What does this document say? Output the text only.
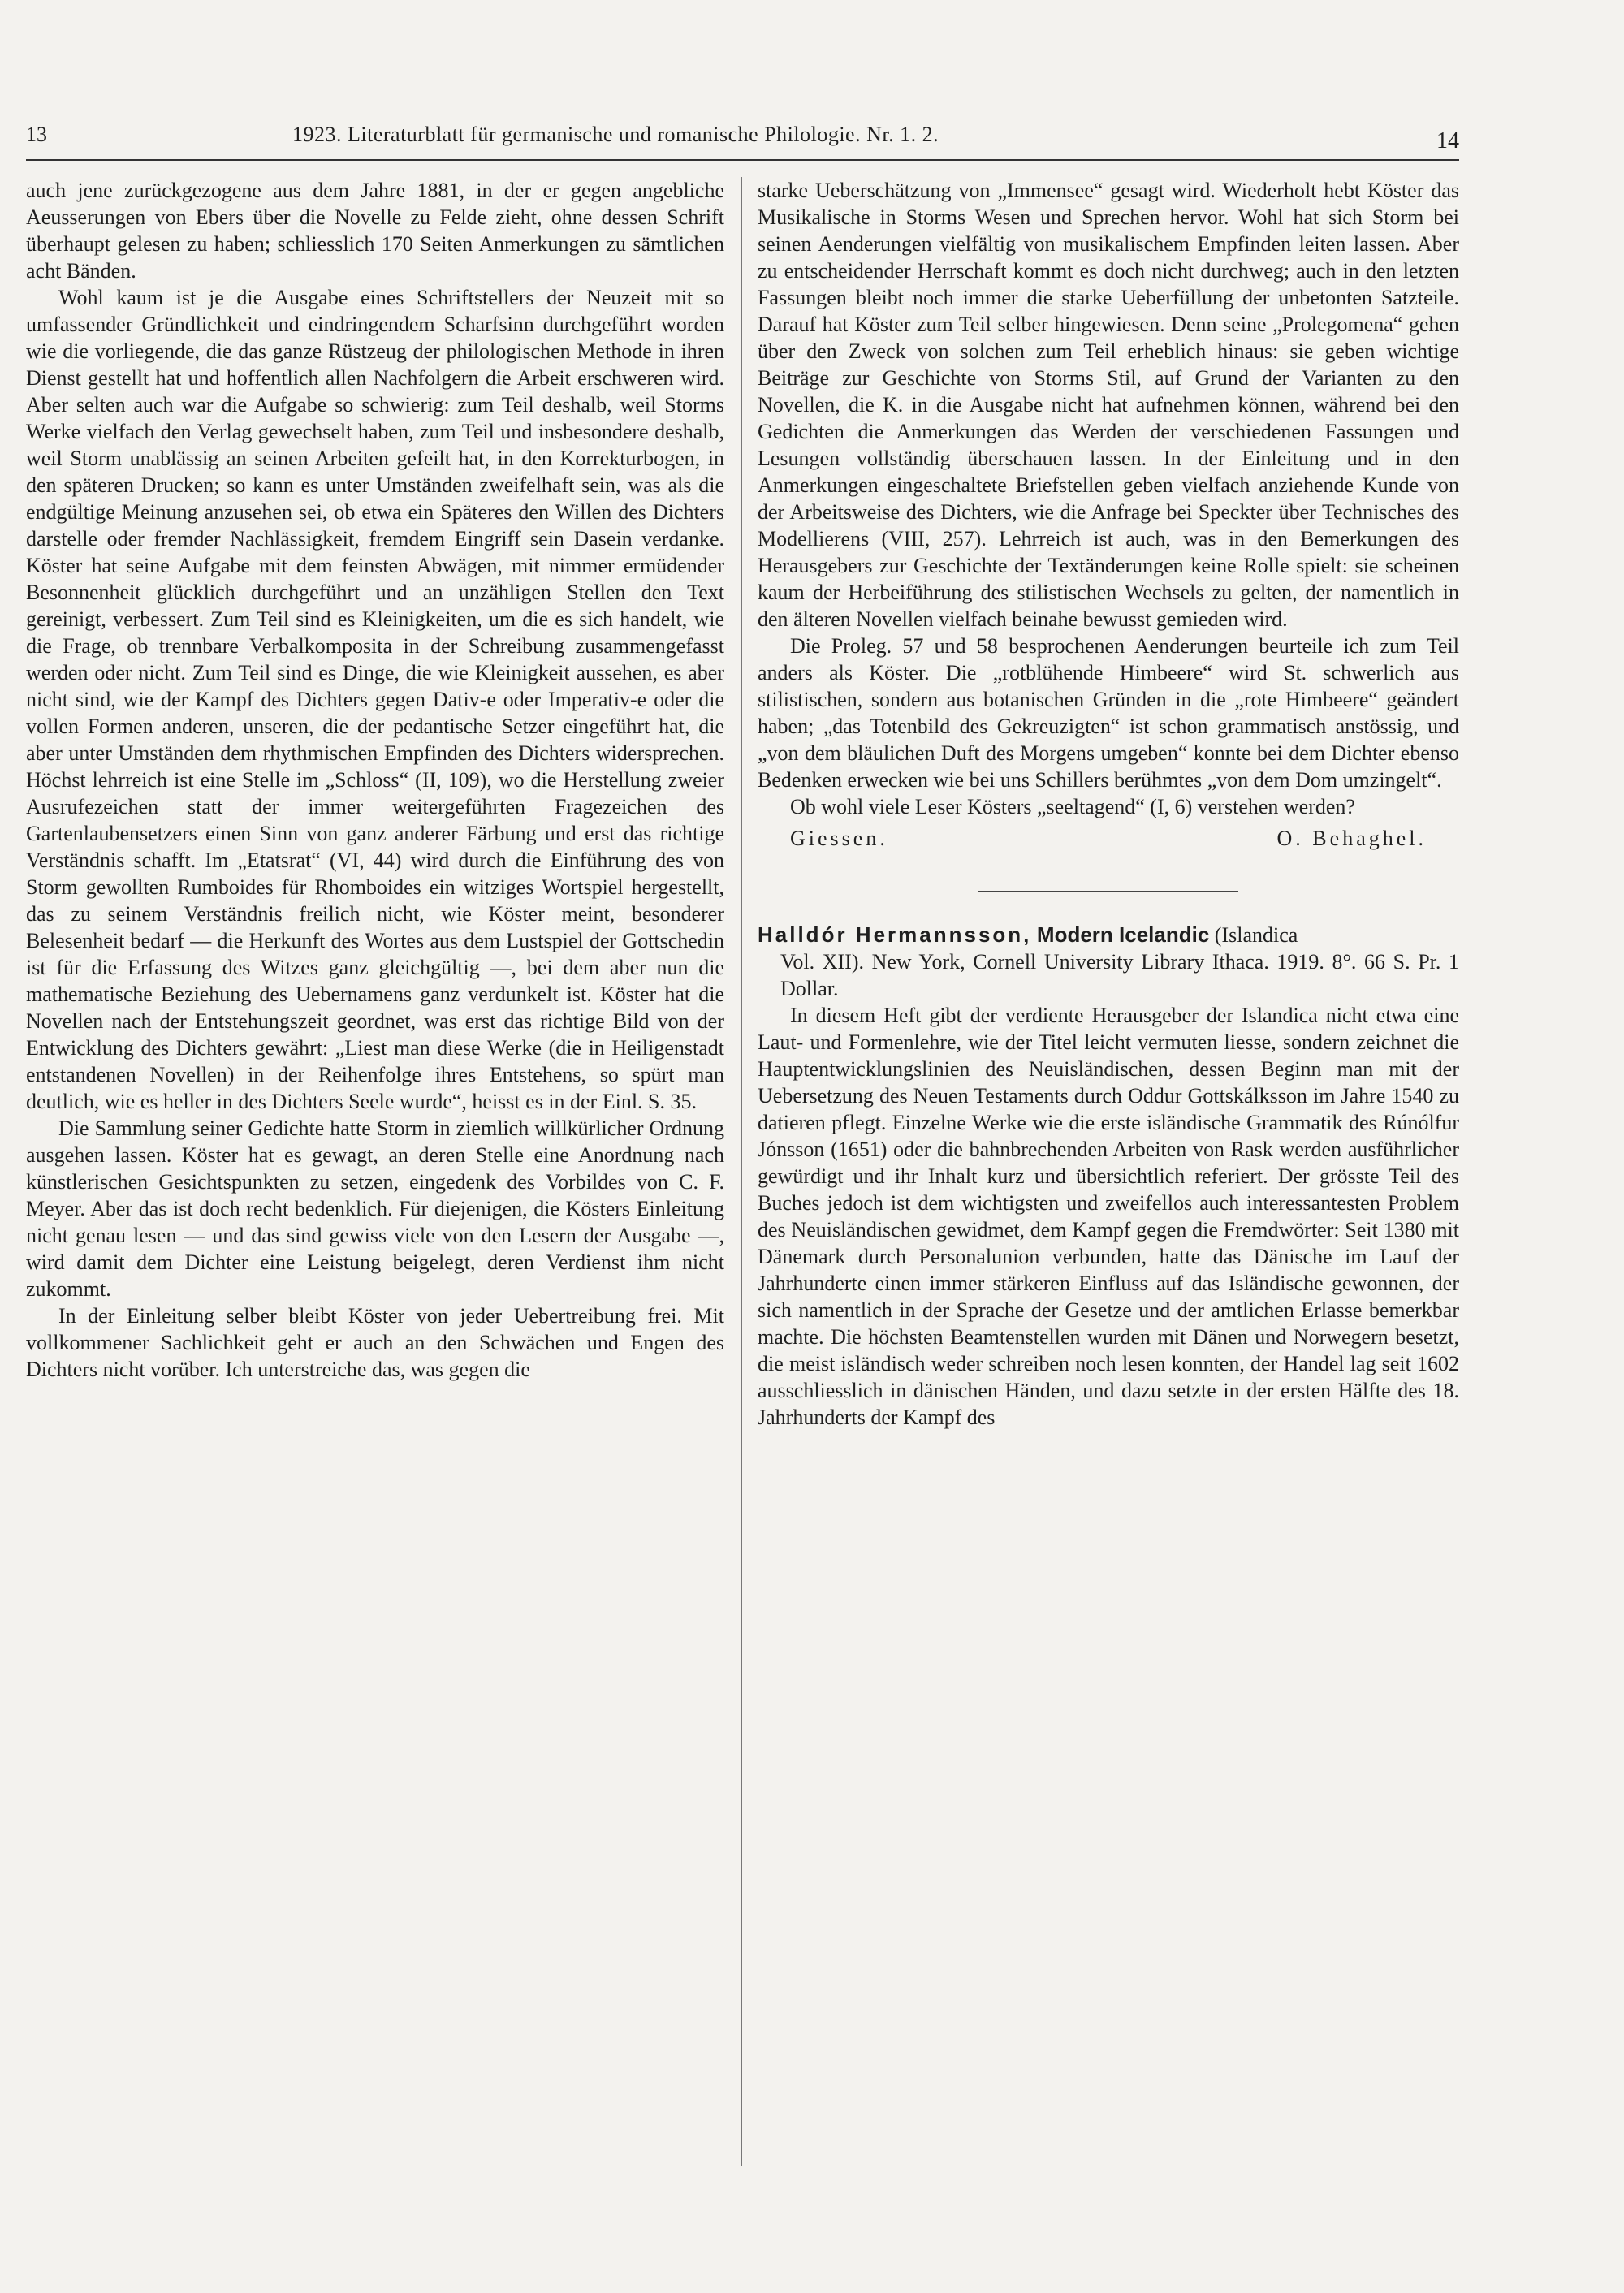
13	1923. Literaturblatt für germanische und romanische Philologie. Nr. 1. 2.	14

auch jene zurückgezogene aus dem Jahre 1881, in der er gegen angebliche Aeusserungen von Ebers über die Novelle zu Felde zieht, ohne dessen Schrift überhaupt gelesen zu haben; schliesslich 170 Seiten Anmerkungen zu sämtlichen acht Bänden.

Wohl kaum ist je die Ausgabe eines Schriftstellers der Neuzeit mit so umfassender Gründlichkeit und eindringendem Scharfsinn durchgeführt worden wie die vorliegende, die das ganze Rüstzeug der philologischen Methode in ihren Dienst gestellt hat und hoffentlich allen Nachfolgern die Arbeit erschweren wird. Aber selten auch war die Aufgabe so schwierig: zum Teil deshalb, weil Storms Werke vielfach den Verlag gewechselt haben, zum Teil und insbesondere deshalb, weil Storm unablässig an seinen Arbeiten gefeilt hat, in den Korrekturbogen, in den späteren Drucken; so kann es unter Umständen zweifelhaft sein, was als die endgültige Meinung anzusehen sei, ob etwa ein Späteres den Willen des Dichters darstelle oder fremder Nachlässigkeit, fremdem Eingriff sein Dasein verdanke. Köster hat seine Aufgabe mit dem feinsten Abwägen, mit nimmer ermüdender Besonnenheit glücklich durchgeführt und an unzähligen Stellen den Text gereinigt, verbessert. Zum Teil sind es Kleinigkeiten, um die es sich handelt, wie die Frage, ob trennbare Verbalkomposita in der Schreibung zusammengefasst werden oder nicht. Zum Teil sind es Dinge, die wie Kleinigkeit aussehen, es aber nicht sind, wie der Kampf des Dichters gegen Dativ-e oder Imperativ-e oder die vollen Formen anderen, unseren, die der pedantische Setzer eingeführt hat, die aber unter Umständen dem rhythmischen Empfinden des Dichters widersprechen. Höchst lehrreich ist eine Stelle im „Schloss“ (II, 109), wo die Herstellung zweier Ausrufezeichen statt der immer weitergeführten Fragezeichen des Gartenlaubensetzers einen Sinn von ganz anderer Färbung und erst das richtige Verständnis schafft. Im „Etatsrat“ (VI, 44) wird durch die Einführung des von Storm gewollten Rumboides für Rhomboides ein witziges Wortspiel hergestellt, das zu seinem Verständnis freilich nicht, wie Köster meint, besonderer Belesenheit bedarf — die Herkunft des Wortes aus dem Lustspiel der Gottschedin ist für die Erfassung des Witzes ganz gleichgültig —, bei dem aber nun die mathematische Beziehung des Uebernamens ganz verdunkelt ist. Köster hat die Novellen nach der Entstehungszeit geordnet, was erst das richtige Bild von der Entwicklung des Dichters gewährt: „Liest man diese Werke (die in Heiligenstadt entstandenen Novellen) in der Reihenfolge ihres Entstehens, so spürt man deutlich, wie es heller in des Dichters Seele wurde“, heisst es in der Einl. S. 35.

Die Sammlung seiner Gedichte hatte Storm in ziemlich willkürlicher Ordnung ausgehen lassen. Köster hat es gewagt, an deren Stelle eine Anordnung nach künstlerischen Gesichtspunkten zu setzen, eingedenk des Vorbildes von C. F. Meyer. Aber das ist doch recht bedenklich. Für diejenigen, die Kösters Einleitung nicht genau lesen — und das sind gewiss viele von den Lesern der Ausgabe —, wird damit dem Dichter eine Leistung beigelegt, deren Verdienst ihm nicht zukommt.

In der Einleitung selber bleibt Köster von jeder Uebertreibung frei. Mit vollkommener Sachlichkeit geht er auch an den Schwächen und Engen des Dichters nicht vorüber. Ich unterstreiche das, was gegen die

starke Ueberschätzung von „Immensee“ gesagt wird. Wiederholt hebt Köster das Musikalische in Storms Wesen und Sprechen hervor. Wohl hat sich Storm bei seinen Aenderungen vielfältig von musikalischem Empfinden leiten lassen. Aber zu entscheidender Herrschaft kommt es doch nicht durchweg; auch in den letzten Fassungen bleibt noch immer die starke Ueberfüllung der unbetonten Satzteile. Darauf hat Köster zum Teil selber hingewiesen. Denn seine „Prolegomena“ gehen über den Zweck von solchen zum Teil erheblich hinaus: sie geben wichtige Beiträge zur Geschichte von Storms Stil, auf Grund der Varianten zu den Novellen, die K. in die Ausgabe nicht hat aufnehmen können, während bei den Gedichten die Anmerkungen das Werden der verschiedenen Fassungen und Lesungen vollständig überschauen lassen. In der Einleitung und in den Anmerkungen eingeschaltete Briefstellen geben vielfach anziehende Kunde von der Arbeitsweise des Dichters, wie die Anfrage bei Speckter über Technisches des Modellierens (VIII, 257). Lehrreich ist auch, was in den Bemerkungen des Herausgebers zur Geschichte der Textänderungen keine Rolle spielt: sie scheinen kaum der Herbeiführung des stilistischen Wechsels zu gelten, der namentlich in den älteren Novellen vielfach beinahe bewusst gemieden wird.

Die Proleg. 57 und 58 besprochenen Aenderungen beurteile ich zum Teil anders als Köster. Die „rotblühende Himbeere“ wird St. schwerlich aus stilistischen, sondern aus botanischen Gründen in die „rote Himbeere“ geändert haben; „das Totenbild des Gekreuzigten“ ist schon grammatisch anstössig, und „von dem bläulichen Duft des Morgens umgeben“ konnte bei dem Dichter ebenso Bedenken erwecken wie bei uns Schillers berühmtes „von dem Dom umzingelt“.

Ob wohl viele Leser Kösters „seeltagend“ (I, 6) verstehen werden?

Giessen.	O. Behaghel.

Halldór Hermannsson, Modern Icelandic (Islandica

Vol. XII). New York, Cornell University Library Ithaca. 1919. 8°. 66 S. Pr. 1 Dollar.

In diesem Heft gibt der verdiente Herausgeber der Islandica nicht etwa eine Laut- und Formenlehre, wie der Titel leicht vermuten liesse, sondern zeichnet die Hauptentwicklungslinien des Neuisländischen, dessen Beginn man mit der Uebersetzung des Neuen Testaments durch Oddur Gottskálksson im Jahre 1540 zu datieren pflegt. Einzelne Werke wie die erste isländische Grammatik des Rúnólfur Jónsson (1651) oder die bahnbrechenden Arbeiten von Rask werden ausführlicher gewürdigt und ihr Inhalt kurz und übersichtlich referiert. Der grösste Teil des Buches jedoch ist dem wichtigsten und zweifellos auch interessantesten Problem des Neuisländischen gewidmet, dem Kampf gegen die Fremdwörter: Seit 1380 mit Dänemark durch Personalunion verbunden, hatte das Dänische im Lauf der Jahrhunderte einen immer stärkeren Einfluss auf das Isländische gewonnen, der sich namentlich in der Sprache der Gesetze und der amtlichen Erlasse bemerkbar machte. Die höchsten Beamtenstellen wurden mit Dänen und Norwegern besetzt, die meist isländisch weder schreiben noch lesen konnten, der Handel lag seit 1602 ausschliesslich in dänischen Händen, und dazu setzte in der ersten Hälfte des 18. Jahrhunderts der Kampf des
